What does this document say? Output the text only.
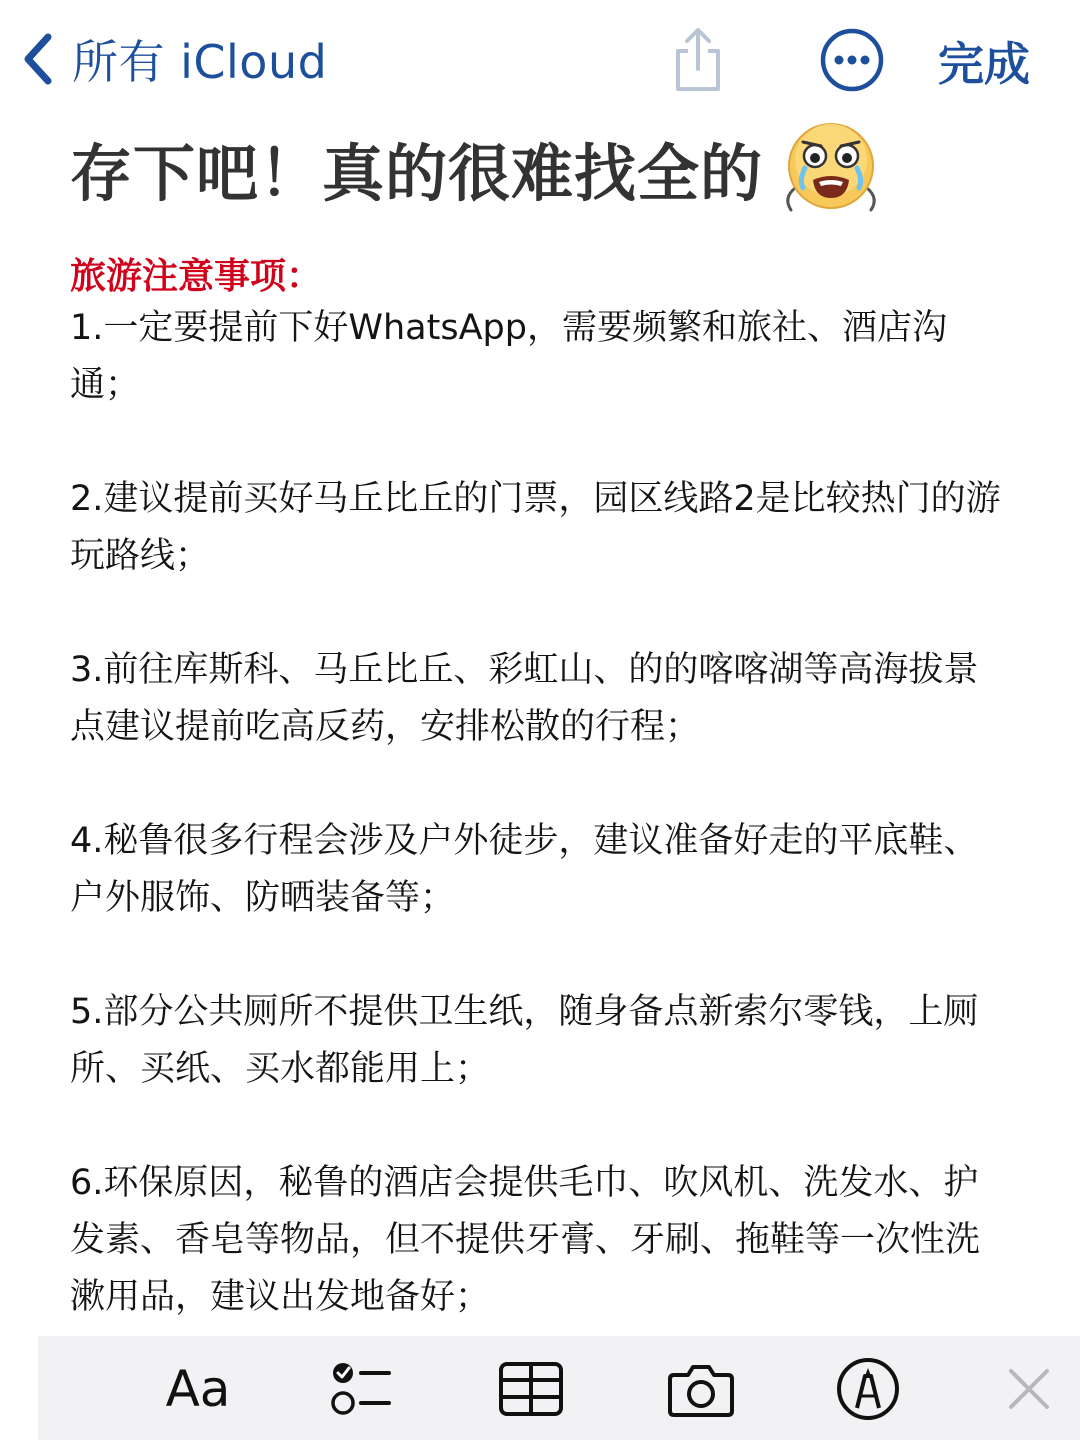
所有 iCloud	完成
存下吧！真的很难找全的
旅游注意事项：

1.一定要提前下好WhatsApp，需要频繁和旅社、酒店沟通；

2.建议提前买好马丘比丘的门票，园区线路2是比较热门的游玩路线；

3.前往库斯科、马丘比丘、彩虹山、的的喀喀湖等高海拔景点建议提前吃高反药，安排松散的行程；

4.秘鲁很多行程会涉及户外徒步，建议准备好走的平底鞋、户外服饰、防晒装备等；

5.部分公共厕所不提供卫生纸，随身备点新索尔零钱，上厕所、买纸、买水都能用上；

6.环保原因，秘鲁的酒店会提供毛巾、吹风机、洗发水、护发素、香皂等物品，但不提供牙膏、牙刷、拖鞋等一次性洗漱用品，建议出发地备好；

Aa
